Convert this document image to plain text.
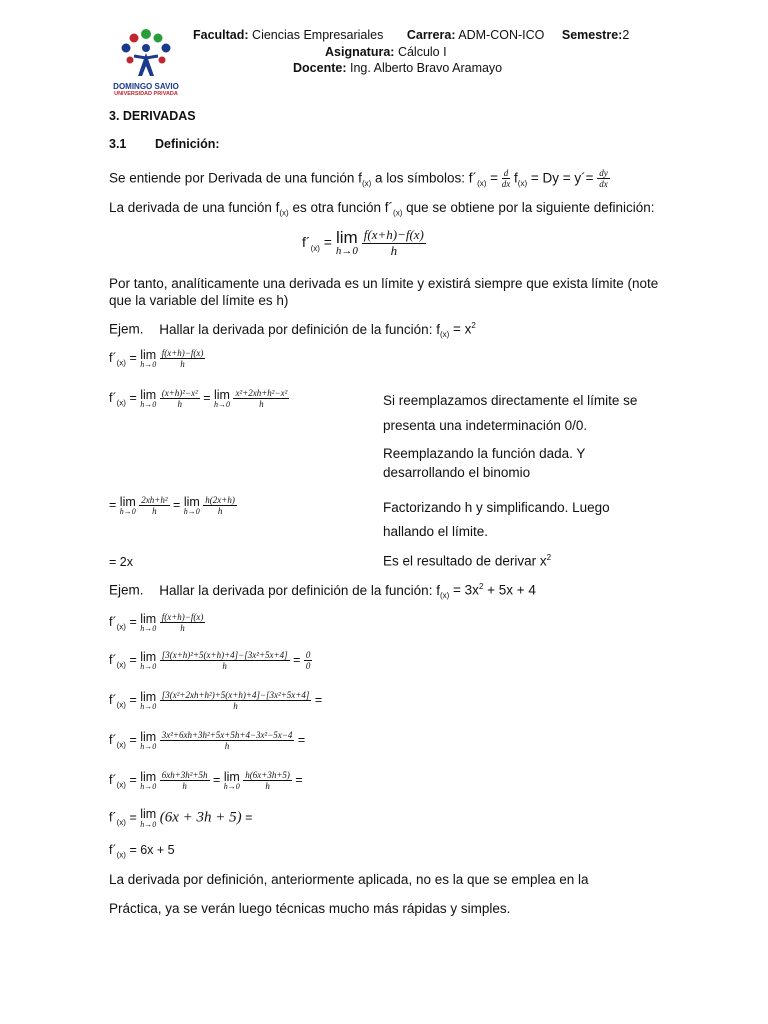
DOMINGO SAVIO
UNIVERSIDAD PRIVADA
Facultad: Ciencias Empresariales Carrera: ADM-CON-ICO Semestre:2
Asignatura: Cálculo I
Docente: Ing. Alberto Bravo Aramayo
3. DERIVADAS
3.1 Definición:
Se entiende por Derivada de una función $f_{(x)}$ a los símbolos: $f´_{(x)} = \frac{d}{dx} f_{(x)} = Dy$ = y´= $\frac{dy}{dx}$
La derivada de una función $f_{(x)}$ es otra función $f´_{(x)}$ que se obtiene por la siguiente definición:
$f´_{(x)} = \lim$
h→0
$\frac{f(x+h)-f(x)}{h}$
Por tanto, analíticamente una derivada es un límite y existirá siempre que exista límite (note
que la variable del límite es h)
Ejem. Hallar la derivada por definición de la función: $f_{(x)} = x^2$
$f´_{(x)} = \lim$
h→0
$\frac{f(x+h)-f(x)}{h}$
$f´_{(x)} = \lim$
h→0
$\frac{\text{(x+h)²−x²}}{h} = \lim$
h→0
$\frac{\text{x²+2xh+h²−x²}}{h}$	Si reemplazamos directamente el límite se
presenta una indeterminación 0/0.
Reemplazando la función dada. Y
desarrollando el binomio
= lim
h→0
$\frac{\text{2xh+h²}}{h} = \lim$
h→0
$\frac{h(2x+h)}{h}$	Factorizando h y simplificando. Luego
hallando el límite.
= 2x	Es el resultado de derivar $x^2$
Ejem. Hallar la derivada por definición de la función: $f_{(x)} = 3x^2 + 5x + 4$
$f´_{(x)} = \lim$
h→0
$\frac{f(x+h)-f(x)}{h}$
$f´_{(x)} = \lim$
h→0
$\frac{\text{[3(x+h)²+5(x+h)+4]−[3x²+5x+4]}}{h} = \frac{0}{0}$
$f´_{(x)} = \lim$
h→0
$\frac{\text{[3(x²+2xh+h²)+5(x+h)+4]−[3x²+5x+4]}}{h}$ =
$f´_{(x)} = \lim$
h→0
$\frac{\text{3x²+6xh+3h²+5x+5h+4−3x²−5x−4}}{h}$ =
$f´_{(x)} = \lim$
h→0
$\frac{\text{6xh+3h²+5h}}{h} = \lim$
h→0
$\frac{h(6x+3h+5)}{h}$ =
$f´_{(x)} = \lim$
h→0 (6x + 3h + 5) =
$f´_{(x)} = 6x + 5$
La derivada por definición, anteriormente aplicada, no es la que se emplea en la
Práctica, ya se verán luego técnicas mucho más rápidas y simples.
